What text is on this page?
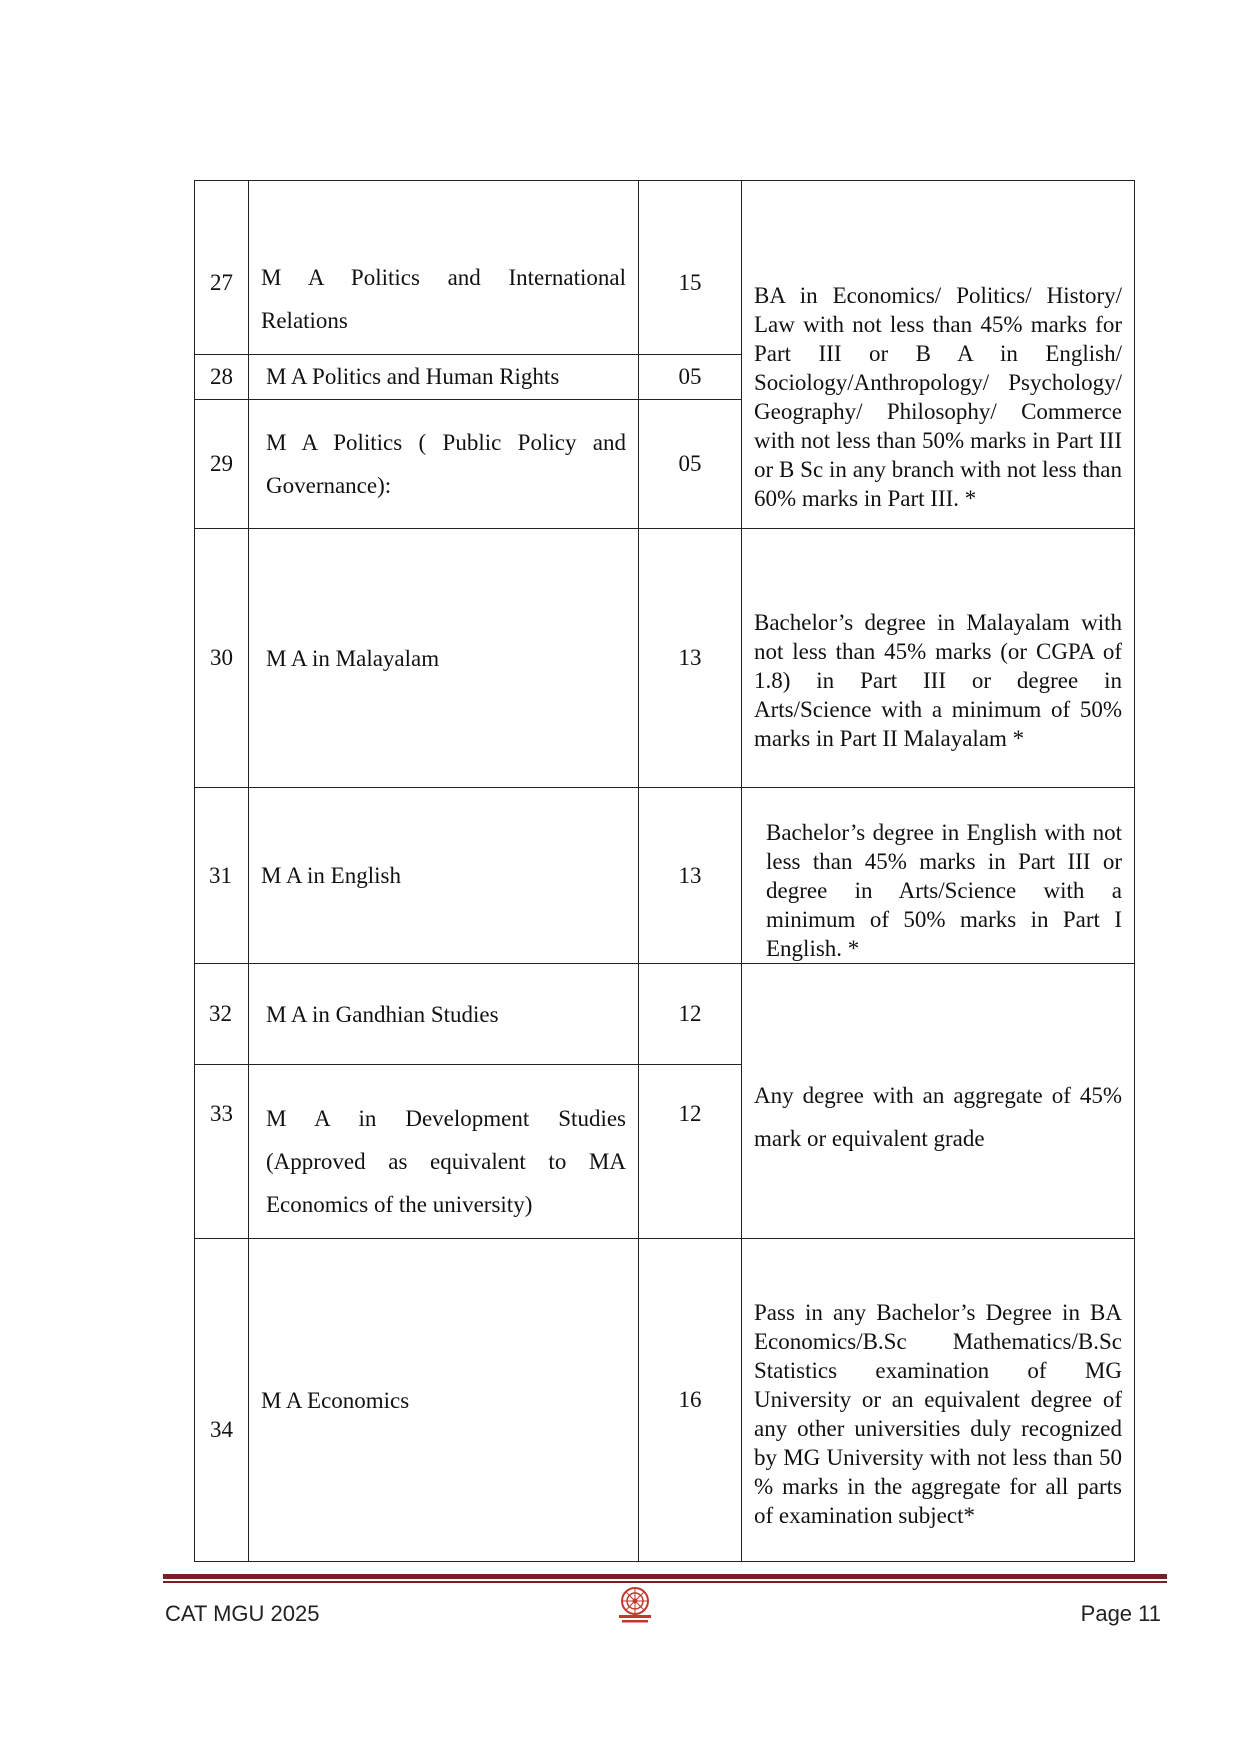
27	M A Politics and International Relations	15	BA in Economics/ Politics/ History/ Law with not less than 45% marks for Part III or B A in English/ Sociology/Anthropology/ Psychology/ Geography/ Philosophy/ Commerce with not less than 50% marks in Part III or B Sc in any branch with not less than 60% marks in Part III. *

28	M A Politics and Human Rights	05	
29	M A Politics ( Public Policy and Governance):	05	
30	M A in Malayalam	13	Bachelor’s degree in Malayalam with not less than 45% marks (or CGPA of 1.8) in Part III or degree in Arts/Science with a minimum of 50% marks in Part II Malayalam *

31	M A in English	13	Bachelor’s degree in English with not less than 45% marks in Part III or degree in Arts/Science with a minimum of 50% marks in Part I English. *

32	M A in Gandhian Studies	12	Any degree with an aggregate of 45% mark or equivalent grade

33	M A in Development Studies (Approved as equivalent to MA Economics of the university)	12	
34	M A Economics	16	Pass in any Bachelor’s Degree in BA Economics/B.Sc Mathematics/B.Sc Statistics examination of MG University or an equivalent degree of any other universities duly recognized by MG University with not less than 50 % marks in the aggregate for all parts of examination subject*
CAT MGU 2025	Page 11
